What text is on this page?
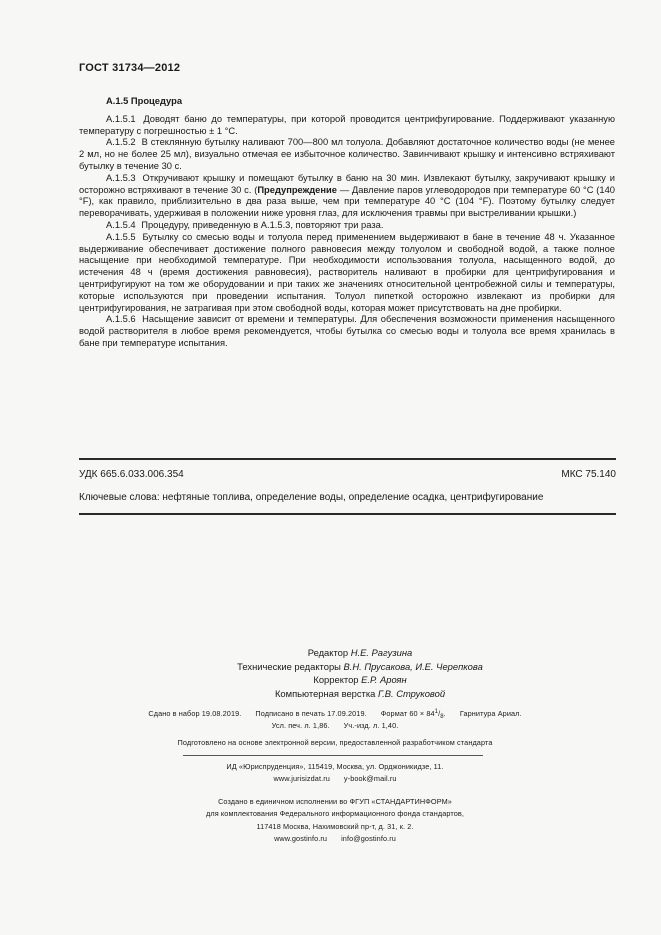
ГОСТ 31734—2012
А.1.5 Процедура

А.1.5.1 Доводят баню до температуры, при которой проводится центрифугирование. Поддерживают указанную температуру с погрешностью ± 1 °С.

А.1.5.2 В стеклянную бутылку наливают 700—800 мл толуола. Добавляют достаточное количество воды (не менее 2 мл, но не более 25 мл), визуально отмечая ее избыточное количество. Завинчивают крышку и интенсивно встряхивают бутылку в течение 30 с.

А.1.5.3 Откручивают крышку и помещают бутылку в баню на 30 мин. Извлекают бутылку, закручивают крышку и осторожно встряхивают в течение 30 с. (Предупреждение — Давление паров углеводородов при температуре 60 °С (140 °F), как правило, приблизительно в два раза выше, чем при температуре 40 °С (104 °F). Поэтому бутылку следует переворачивать, удерживая в положении ниже уровня глаз, для исключения травмы при выстреливании крышки.)

А.1.5.4 Процедуру, приведенную в А.1.5.3, повторяют три раза.

А.1.5.5 Бутылку со смесью воды и толуола перед применением выдерживают в бане в течение 48 ч. Указанное выдерживание обеспечивает достижение полного равновесия между толуолом и свободной водой, а также полное насыщение при необходимой температуре. При необходимости использования толуола, насыщенного водой, до истечения 48 ч (время достижения равновесия), растворитель наливают в пробирки для центрифугирования и центрифугируют на том же оборудовании и при таких же значениях относительной центробежной силы и температуры, которые используются при проведении испытания. Толуол пипеткой осторожно извлекают из пробирки для центрифугирования, не затрагивая при этом свободной воды, которая может присутствовать на дне пробирки.

А.1.5.6 Насыщение зависит от времени и температуры. Для обеспечения возможности применения насыщенного водой растворителя в любое время рекомендуется, чтобы бутылка со смесью воды и толуола все время хранилась в бане при температуре испытания.

УДК 665.6.033.006.354	МКС 75.140
Ключевые слова: нефтяные топлива, определение воды, определение осадка, центрифугирование
Редактор Н.Е. Рагузина
Технические редакторы В.Н. Прусакова, И.Е. Черепкова
Корректор Е.Р. Ароян
Компьютерная верстка Г.В. Струковой
Сдано в набор 19.08.2019. Подписано в печать 17.09.2019. Формат $60 \times 84^1/_8$. Гарнитура Ариал.
Усл. печ. л. 1,86. Уч.-изд. л. 1,40.
Подготовлено на основе электронной версии, предоставленной разработчиком стандарта
ИД «Юриспруденция», 115419, Москва, ул. Орджоникидзе, 11.
www.jurisizdat.ru y-book@mail.ru
Создано в единичном исполнении во ФГУП «СТАНДАРТИНФОРМ»
для комплектования Федерального информационного фонда стандартов,
117418 Москва, Нахимовский пр-т, д. 31, к. 2.
www.gostinfo.ru info@gostinfo.ru
